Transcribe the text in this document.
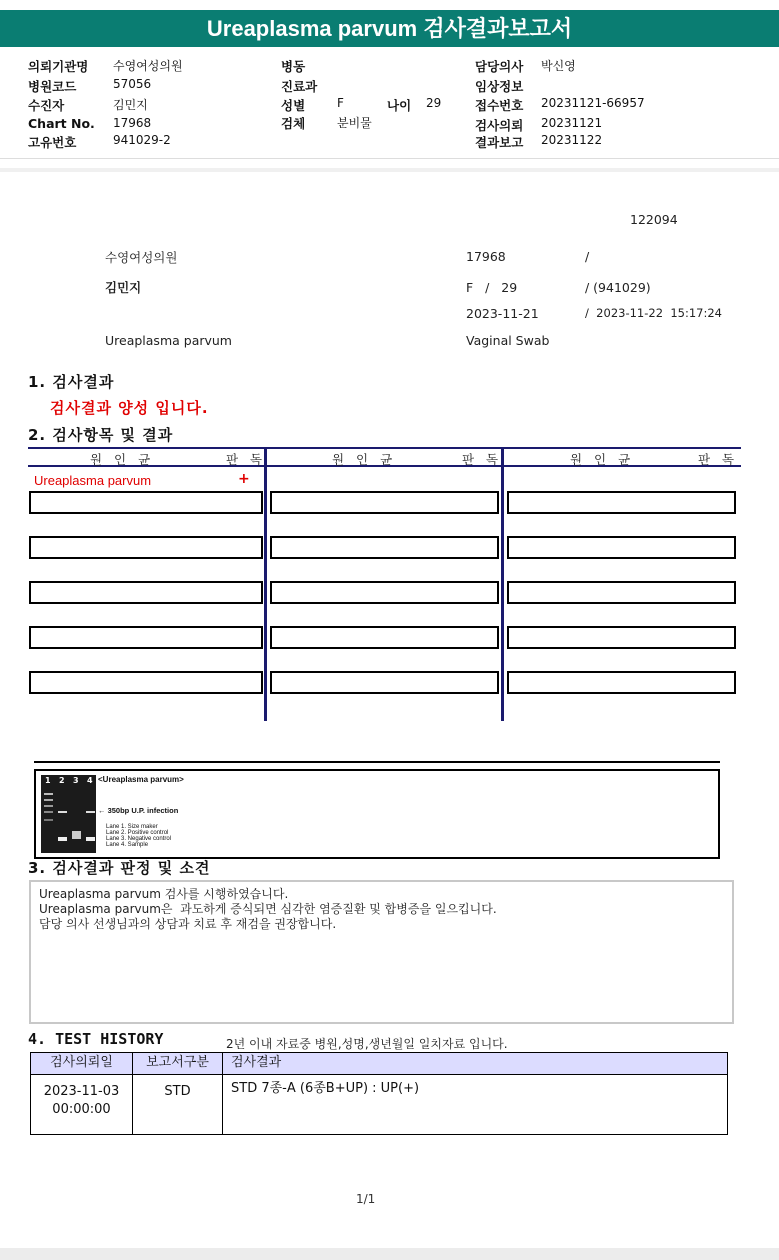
Ureaplasma parvum 검사결과보고서
의뢰기관명 수영여성의원
병원코드	57056
수진자	김민지
Chart No. 17968
고유번호	941029-2
병동
진료과
성별	F	나이 29
검체	분비물
담당의사 박신영
임상정보
접수번호 20231121-66957
검사의뢰 20231121
결과보고 20231122
122094
수영여성의원	17968	/
김민지	F   /   29	/ (941029)
2023-11-21	/  2023-11-22  15:17:24
Ureaplasma parvum	Vaginal Swab
1. 검사결과
검사결과 양성 입니다.
2. 검사항목 및 결과
원 인 균	판 독	원 인 균	판 독	원 인 균	판 독
Ureaplasma parvum	+
1 2 3 4 <Ureaplasma parvum>
← 350bp U.P. infection
Lane 1. Size maker
Lane 2. Positive control
Lane 3. Negative control
Lane 4. Sample
3. 검사결과 판정 및 소견
Ureaplasma parvum 검사를 시행하였습니다.
Ureaplasma parvum은  과도하게 증식되면 심각한 염증질환 및 합병증을 일으킵니다.
담당 의사 선생님과의 상담과 치료 후 재검을 권장합니다.
4. TEST HISTORY	2년 이내 자료중 병원,성명,생년월일 일치자료 입니다.
검사의뢰일	보고서구분	검사결과
2023-11-03
00:00:00
STD	STD 7종-A (6종B+UP) : UP(+)
1/1
